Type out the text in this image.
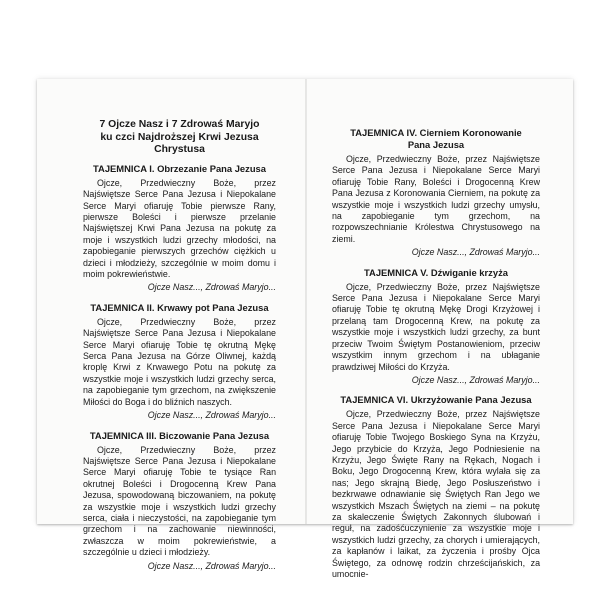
7 Ojcze Nasz i 7 Zdrowaś Maryjo
ku czci Najdroższej Krwi Jezusa Chrystusa
TAJEMNICA I. Obrzezanie Pana Jezusa

Ojcze, Przedwieczny Boże, przez Najświętsze Serce Pana Jezusa i Niepokalane Serce Maryi ofiaruję Tobie pierwsze Rany, pierwsze Boleści i pierwsze przelanie Najświętszej Krwi Pana Jezusa na pokutę za moje i wszystkich ludzi grzechy młodości, na zapobieganie pierwszych grzechów ciężkich u dzieci i młodzieży, szczególnie w moim domu i moim pokrewieństwie.

Ojcze Nasz..., Zdrowaś Maryjo...
TAJEMNICA II. Krwawy pot Pana Jezusa

Ojcze, Przedwieczny Boże, przez Najświętsze Serce Pana Jezusa i Niepokalane Serce Maryi ofiaruję Tobie tę okrutną Mękę Serca Pana Jezusa na Górze Oliwnej, każdą kroplę Krwi z Krwawego Potu na pokutę za wszystkie moje i wszystkich ludzi grzechy serca, na zapobieganie tym grzechom, na zwiększenie Miłości do Boga i do bliźnich naszych.

Ojcze Nasz..., Zdrowaś Maryjo...
TAJEMNICA III. Biczowanie Pana Jezusa

Ojcze, Przedwieczny Boże, przez Najświętsze Serce Pana Jezusa i Niepokalane Serce Maryi ofiaruję Tobie te tysiące Ran okrutnej Boleści i Drogocenną Krew Pana Jezusa, spowodowaną biczowaniem, na pokutę za wszystkie moje i wszystkich ludzi grzechy serca, ciała i nieczystości, na zapobieganie tym grzechom i na zachowanie niewinności, zwłaszcza w moim pokrewieństwie, a szczególnie u dzieci i młodzieży.

Ojcze Nasz..., Zdrowaś Maryjo...
TAJEMNICA IV. Cierniem Koronowanie
Pana Jezusa

Ojcze, Przedwieczny Boże, przez Najświętsze Serce Pana Jezusa i Niepokalane Serce Maryi ofiaruję Tobie Rany, Boleści i Drogocenną Krew Pana Jezusa z Koronowania Cierniem, na pokutę za wszystkie moje i wszystkich ludzi grzechy umysłu, na zapobieganie tym grzechom, na rozpowszechnianie Królestwa Chrystusowego na ziemi.

Ojcze Nasz..., Zdrowaś Maryjo...
TAJEMNICA V. Dźwiganie krzyża

Ojcze, Przedwieczny Boże, przez Najświętsze Serce Pana Jezusa i Niepokalane Serce Maryi ofiaruję Tobie tę okrutną Mękę Drogi Krzyżowej i przelaną tam Drogocenną Krew, na pokutę za wszystkie moje i wszystkich ludzi grzechy, za bunt przeciw Twoim Świętym Postanowieniom, przeciw wszystkim innym grzechom i na ubłaganie prawdziwej Miłości do Krzyża.

Ojcze Nasz..., Zdrowaś Maryjo...
TAJEMNICA VI. Ukrzyżowanie Pana Jezusa

Ojcze, Przedwieczny Boże, przez Najświętsze Serce Pana Jezusa i Niepokalane Serce Maryi ofiaruję Tobie Twojego Boskiego Syna na Krzyżu, Jego przybicie do Krzyża, Jego Podniesienie na Krzyżu, Jego Święte Rany na Rękach, Nogach i Boku, Jego Drogocenną Krew, która wylała się za nas; Jego skrajną Biedę, Jego Posłuszeństwo i bezkrwawe odnawianie się Świętych Ran Jego we wszystkich Mszach Świętych na ziemi – na pokutę za skaleczenie Świętych Zakonnych ślubowań i reguł, na zadośćuczynienie za wszystkie moje i wszystkich ludzi grzechy, za chorych i umierających, za kapłanów i laikat, za życzenia i prośby Ojca Świętego, za odnowę rodzin chrześcijańskich, za umocnie-
